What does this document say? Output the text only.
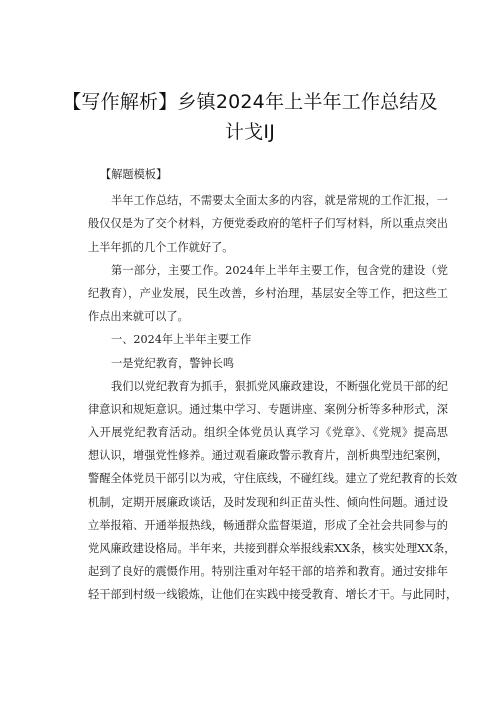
【写作解析】乡镇2024年上半年工作总结及
计戈IJ
【解题模板】
半年工作总结，不需要太全面太多的内容，就是常规的工作汇报，一
般仅仅是为了交个材料，方便党委政府的笔杆子们写材料，所以重点突出
上半年抓的几个工作就好了。
第一部分，主要工作。2024年上半年主要工作，包含党的建设（党
纪教育），产业发展，民生改善，乡村治理，基层安全等工作，把这些工
作点出来就可以了。
一、2024年上半年主要工作
一是党纪教育，警钟长鸣
我们以党纪教育为抓手，狠抓党风廉政建设，不断强化党员干部的纪
律意识和规矩意识。通过集中学习、专题讲座、案例分析等多种形式，深
入开展党纪教育活动。组织全体党员认真学习《党章》、《党规》提高思
想认识，增强党性修养。通过观看廉政警示教育片，剖析典型违纪案例，
警醒全体党员干部引以为戒，守住底线，不碰红线。建立了党纪教育的长效
机制，定期开展廉政谈话，及时发现和纠正苗头性、倾向性问题。通过设
立举报箱、开通举报热线，畅通群众监督渠道，形成了全社会共同参与的
党风廉政建设格局。半年来，共接到群众举报线索XX条，核实处理XX条，
起到了良好的震慑作用。特别注重对年轻干部的培养和教育。通过安排年
轻干部到村级一线锻炼，让他们在实践中接受教育、增长才干。与此同时，
